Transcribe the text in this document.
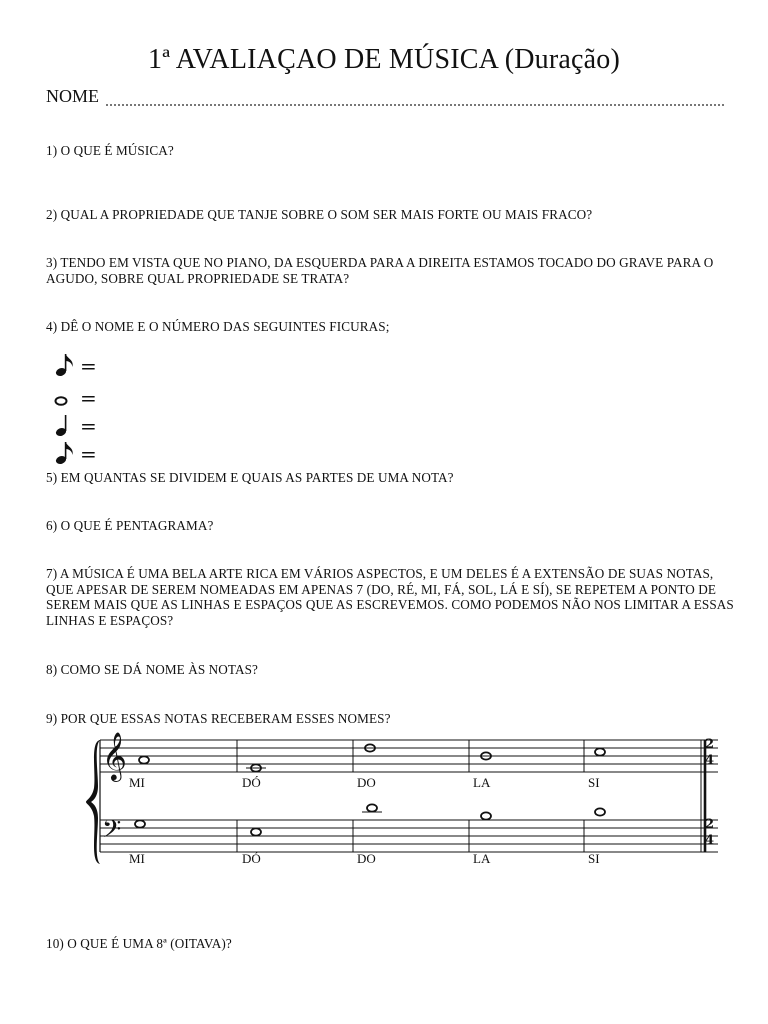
1ª AVALIAÇAO DE MÚSICA (Duração)
NOME
1) O QUE É MÚSICA?
2) QUAL A PROPRIEDADE QUE TANJE SOBRE O SOM SER MAIS FORTE OU MAIS FRACO?
3) TENDO EM VISTA QUE NO PIANO, DA ESQUERDA PARA A DIREITA ESTAMOS TOCADO DO GRAVE PARA O AGUDO, SOBRE QUAL PROPRIEDADE SE TRATA?
4) DÊ O NOME E O NÚMERO DAS SEGUINTES FICURAS;
=
=
=
=
5) EM QUANTAS SE DIVIDEM E QUAIS AS PARTES DE UMA NOTA?
6) O QUE É PENTAGRAMA?
7) A MÚSICA É UMA BELA ARTE RICA EM VÁRIOS ASPECTOS, E UM DELES É A EXTENSÃO DE SUAS NOTAS, QUE APESAR DE SEREM NOMEADAS EM APENAS 7 (DO, RÉ, MI, FÁ, SOL, LÁ E SÍ), SE REPETEM A PONTO DE SEREM MAIS QUE AS LINHAS E ESPAÇOS QUE AS ESCREVEMOS. COMO PODEMOS NÃO NOS LIMITAR A ESSAS LINHAS E ESPAÇOS?
8) COMO SE DÁ NOME ÀS NOTAS?
9) POR QUE ESSAS NOTAS RECEBERAM ESSES NOMES?
𝄞
𝄢
2
4
2
4
MI	DÓ	DO	LA	SI
MI	DÓ	DO	LA	SI
10) O QUE É UMA 8ª (OITAVA)?
